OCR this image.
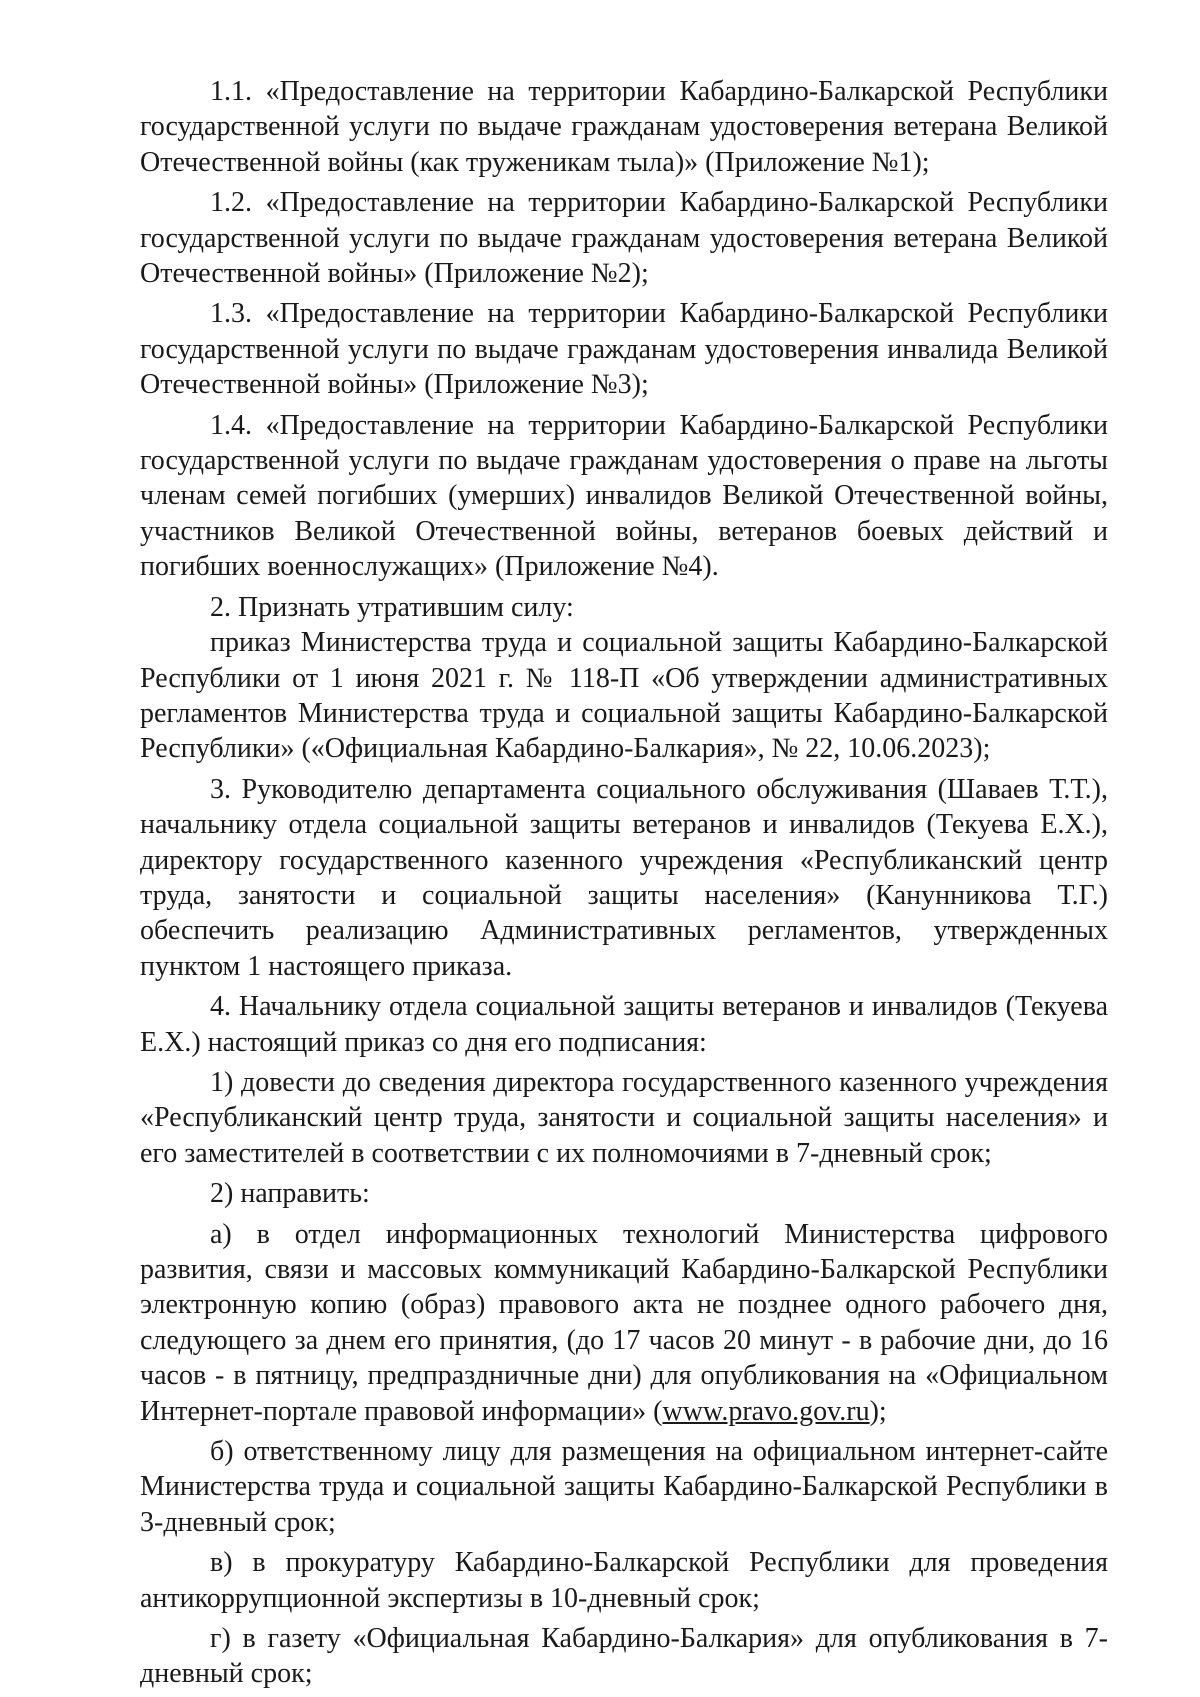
1.1. «Предоставление на территории Кабардино-Балкарской Республики государственной услуги по выдаче гражданам удостоверения ветерана Великой Отечественной войны (как труженикам тыла)» (Приложение №1);

1.2. «Предоставление на территории Кабардино-Балкарской Республики государственной услуги по выдаче гражданам удостоверения ветерана Великой Отечественной войны» (Приложение №2);

1.3. «Предоставление на территории Кабардино-Балкарской Республики государственной услуги по выдаче гражданам удостоверения инвалида Великой Отечественной войны» (Приложение №3);

1.4. «Предоставление на территории Кабардино-Балкарской Республики государственной услуги по выдаче гражданам удостоверения о праве на льготы членам семей погибших (умерших) инвалидов Великой Отечественной войны, участников Великой Отечественной войны, ветеранов боевых действий и погибших военнослужащих» (Приложение №4).

2. Признать утратившим силу:

приказ Министерства труда и социальной защиты Кабардино-Балкарской Республики от 1 июня 2021 г. № 118-П «Об утверждении административных регламентов Министерства труда и социальной защиты Кабардино-Балкарской Республики» («Официальная Кабардино-Балкария», № 22, 10.06.2023);

3. Руководителю департамента социального обслуживания (Шаваев Т.Т.), начальнику отдела социальной защиты ветеранов и инвалидов (Текуева Е.Х.), директору государственного казенного учреждения «Республиканский центр труда, занятости и социальной защиты населения» (Канунникова Т.Г.) обеспечить реализацию Административных регламентов, утвержденных пунктом 1 настоящего приказа.

4. Начальнику отдела социальной защиты ветеранов и инвалидов (Текуева Е.Х.) настоящий приказ со дня его подписания:

1) довести до сведения директора государственного казенного учреждения «Республиканский центр труда, занятости и социальной защиты населения» и его заместителей в соответствии с их полномочиями в 7-дневный срок;

2) направить:

а) в отдел информационных технологий Министерства цифрового развития, связи и массовых коммуникаций Кабардино-Балкарской Республики электронную копию (образ) правового акта не позднее одного рабочего дня, следующего за днем его принятия, (до 17 часов 20 минут - в рабочие дни, до 16 часов - в пятницу, предпраздничные дни) для опубликования на «Официальном Интернет-портале правовой информации» (www.pravo.gov.ru);

б) ответственному лицу для размещения на официальном интернет-сайте Министерства труда и социальной защиты Кабардино-Балкарской Республики в 3-дневный срок;

в) в прокуратуру Кабардино-Балкарской Республики для проведения антикоррупционной экспертизы в 10-дневный срок;

г) в газету «Официальная Кабардино-Балкария» для опубликования в 7-дневный срок;
